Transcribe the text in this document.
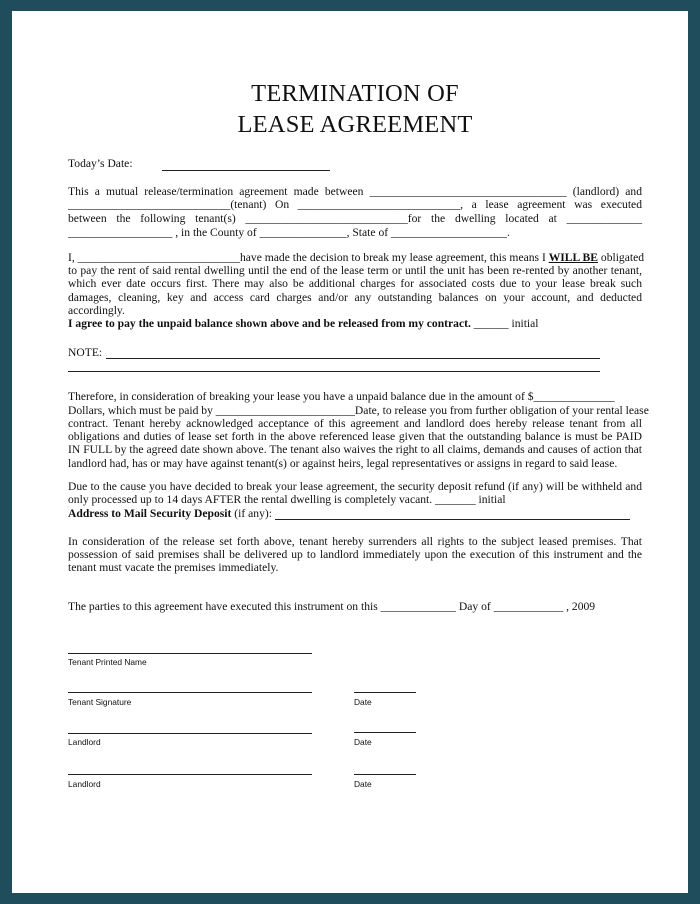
TERMINATION OF
LEASE AGREEMENT
Today’s Date:
This a mutual release/termination agreement made between __________________________________ (landlord) and
____________________________(tenant) On ____________________________, a lease agreement was executed
between the following tenant(s) ____________________________for the dwelling located at _____________
__________________ , in the County of _______________, State of ____________________.
I, ____________________________have made the decision to break my lease agreement, this means I WILL BE obligated
to pay the rent of said rental dwelling until the end of the lease term or until the unit has been re-rented by another tenant,
which ever date occurs first. There may also be additional charges for associated costs due to your lease break such
damages, cleaning, key and access card charges and/or any outstanding balances on your account, and deducted
accordingly.
I agree to pay the unpaid balance shown above and be released from my contract. ______ initial
NOTE:
Therefore, in consideration of breaking your lease you have a unpaid balance due in the amount of $______________
Dollars, which must be paid by ________________________Date, to release you from further obligation of your rental lease
contract. Tenant hereby acknowledged acceptance of this agreement and landlord does hereby release tenant from all
obligations and duties of lease set forth in the above referenced lease given that the outstanding balance is must be PAID
IN FULL by the agreed date shown above. The tenant also waives the right to all claims, demands and causes of action that
landlord had, has or may have against tenant(s) or against heirs, legal representatives or assigns in regard to said lease.
Due to the cause you have decided to break your lease agreement, the security deposit refund (if any) will be withheld and
only processed up to 14 days AFTER the rental dwelling is completely vacant. _______ initial
Address to Mail Security Deposit (if any):
In consideration of the release set forth above, tenant hereby surrenders all rights to the subject leased premises. That
possession of said premises shall be delivered up to landlord immediately upon the execution of this instrument and the
tenant must vacate the premises immediately.
The parties to this agreement have executed this instrument on this _____________ Day of ____________ , 2009
Tenant Printed Name
Tenant Signature	Date
Landlord	Date
Landlord	Date
